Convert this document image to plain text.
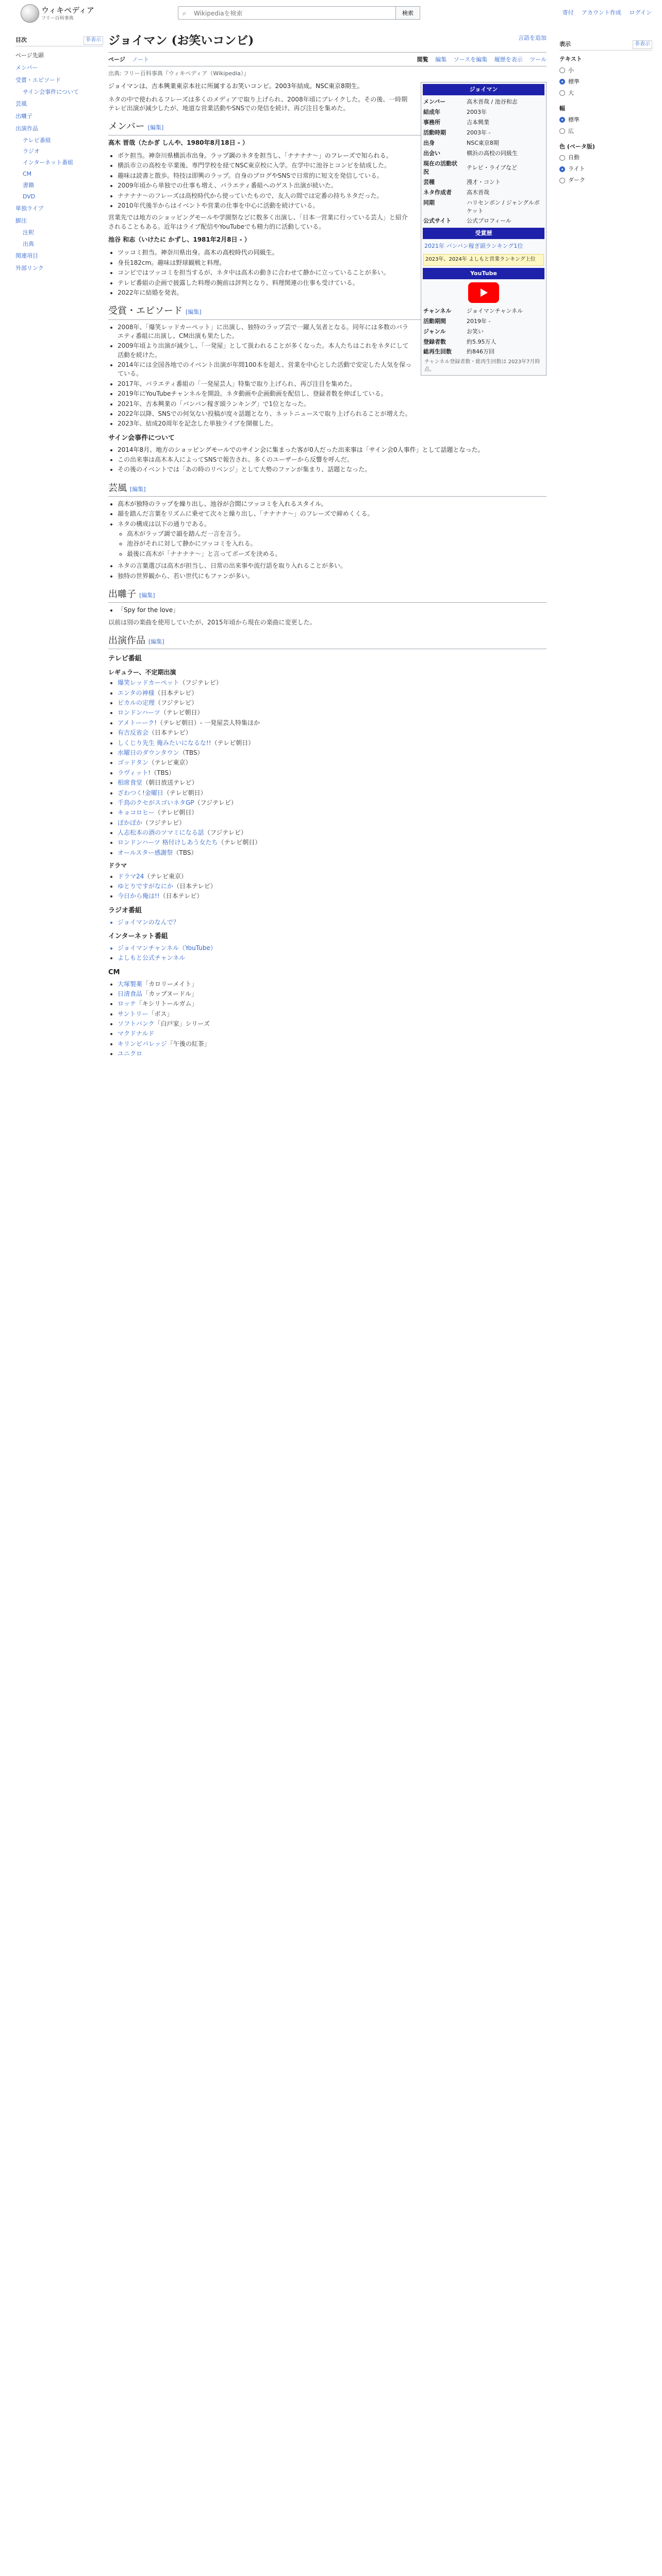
ウィキペディア
フリー百科事典
⌕
Wikipediaを検索	検索	寄付 アカウント作成 ログイン
目次	非表示
ページ先頭
メンバー
受賞・エピソード
サイン会事件について
芸風
出囃子
出演作品
テレビ番組
ラジオ
インターネット番組
CM
書籍
DVD
単独ライブ
脚注
注釈
出典
関連項目
外部リンク
ジョイマン (お笑いコンビ)	言語を追加
ページ ノート	閲覧 編集 ソースを編集 履歴を表示 ツール
出典: フリー百科事典『ウィキペディア（Wikipedia）』
ジョイマン
メンバー	高木晋哉 / 池谷和志
結成年	2003年
事務所	吉本興業
活動時期	2003年 -
出身	NSC東京8期
出会い	横浜の高校の同級生
現在の活動状況	テレビ・ライブなど
芸種	漫才・コント
ネタ作成者	高木晋哉
同期	ハリセンボン / ジャングルポケット
公式サイト	公式プロフィール
受賞歴
2021年 バンバン稼ぎ頭ランキング1位
2023年、2024年 よしもと営業ランキング上位
YouTube
チャンネル	ジョイマンチャンネル
活動期間	2019年 -
ジャンル	お笑い
登録者数	約5.95万人
総再生回数	約846万回
チャンネル登録者数・総再生回数は 2023年7月時点。

ジョイマンは、吉本興業東京本社に所属するお笑いコンビ。2003年結成。NSC東京8期生。

ネタの中で使われるフレーズは多くのメディアで取り上げられ、2008年頃にブレイクした。その後、一時期テレビ出演が減少したが、地道な営業活動やSNSでの発信を続け、再び注目を集めた。

メンバー [編集]

高木 晋哉（たかぎ しんや、1980年8月18日 - ）

• ボケ担当。神奈川県横浜市出身。ラップ調のネタを担当し、「ナナナナ〜」のフレーズで知られる。
• 横浜市立の高校を卒業後、専門学校を経てNSC東京校に入学。在学中に池谷とコンビを結成した。
• 趣味は読書と散歩。特技は即興のラップ。自身のブログやSNSで日常的に短文を発信している。
• 2009年頃から単独での仕事も増え、バラエティ番組へのゲスト出演が続いた。
• ナナナナ〜のフレーズは高校時代から使っていたもので、友人の間では定番の持ちネタだった。
• 2010年代後半からはイベントや営業の仕事を中心に活動を続けている。

営業先では地方のショッピングモールや学園祭などに数多く出演し、「日本一営業に行っている芸人」と紹介されることもある。近年はライブ配信やYouTubeでも精力的に活動している。

池谷 和志（いけたに かずし、1981年2月8日 - ）

• ツッコミ担当。神奈川県出身。高木の高校時代の同級生。
• 身長182cm。趣味は野球観戦と料理。
• コンビではツッコミを担当するが、ネタ中は高木の動きに合わせて静かに立っていることが多い。
• テレビ番組の企画で披露した料理の腕前は評判となり、料理関連の仕事も受けている。
• 2022年に結婚を発表。
受賞・エピソード [編集]
• 2008年、「爆笑レッドカーペット」に出演し、独特のラップ芸で一躍人気者となる。同年には多数のバラエティ番組に出演し、CM出演も果たした。
• 2009年頃より出演が減少し、「一発屋」として扱われることが多くなった。本人たちはこれをネタにして活動を続けた。
• 2014年には全国各地でのイベント出演が年間100本を超え、営業を中心とした活動で安定した人気を保っている。
• 2017年、バラエティ番組の「一発屋芸人」特集で取り上げられ、再び注目を集めた。
• 2019年にYouTubeチャンネルを開設。ネタ動画や企画動画を配信し、登録者数を伸ばしている。
• 2021年、吉本興業の「バンバン稼ぎ頭ランキング」で1位となった。
• 2022年以降、SNSでの何気ない投稿が度々話題となり、ネットニュースで取り上げられることが増えた。
• 2023年、結成20周年を記念した単独ライブを開催した。
サイン会事件について
• 2014年8月、地方のショッピングモールでのサイン会に集まった客が0人だった出来事は「サイン会0人事件」として話題となった。
• この出来事は高木本人によってSNSで報告され、多くのユーザーから反響を呼んだ。
• その後のイベントでは「あの時のリベンジ」として大勢のファンが集まり、話題となった。
芸風 [編集]
• 高木が独特のラップを繰り出し、池谷が合間にツッコミを入れるスタイル。
• 韻を踏んだ言葉をリズムに乗せて次々と繰り出し、「ナナナナ〜」のフレーズで締めくくる。
• ネタの構成は以下の通りである。
◦ 高木がラップ調で韻を踏んだ一言を言う。
◦ 池谷がそれに対して静かにツッコミを入れる。
◦ 最後に高木が「ナナナナ〜」と言ってポーズを決める。
• ネタの言葉選びは高木が担当し、日常の出来事や流行語を取り入れることが多い。
• 独特の世界観から、若い世代にもファンが多い。
出囃子 [編集]
• 「Spy for the love」

以前は別の楽曲を使用していたが、2015年頃から現在の楽曲に変更した。

出演作品 [編集]
テレビ番組
レギュラー、不定期出演
• 爆笑レッドカーペット（フジテレビ）
• エンタの神様（日本テレビ）
• ピカルの定理（フジテレビ）
• ロンドンハーツ（テレビ朝日）
• アメトーーク!（テレビ朝日）- 一発屋芸人特集ほか
• 有吉反省会（日本テレビ）
• しくじり先生 俺みたいになるな!!（テレビ朝日）
• 水曜日のダウンタウン（TBS）
• ゴッドタン（テレビ東京）
• ラヴィット!（TBS）
• 相席食堂（朝日放送テレビ）
• ざわつく!金曜日（テレビ朝日）
• 千鳥のクセがスゴいネタGP（フジテレビ）
• キョコロヒー（テレビ朝日）
• ぽかぽか（フジテレビ）
• 人志松本の酒のツマミになる話（フジテレビ）
• ロンドンハーツ 格付けしあう女たち（テレビ朝日）
• オールスター感謝祭（TBS）
ドラマ
• ドラマ24（テレビ東京）
• ゆとりですがなにか（日本テレビ）
• 今日から俺は!!（日本テレビ）
ラジオ番組
• ジョイマンのなんで？
インターネット番組
• ジョイマンチャンネル（YouTube）
• よしもと公式チャンネル
CM
• 大塚製薬「カロリーメイト」
• 日清食品「カップヌードル」
• ロッテ「キシリトールガム」
• サントリー「ボス」
• ソフトバンク「白戸家」シリーズ
• マクドナルド
• キリンビバレッジ「午後の紅茶」
• ユニクロ
表示	非表示
テキスト
小
標準
大
幅
標準
広
色 (ベータ版)
自動
ライト
ダーク
